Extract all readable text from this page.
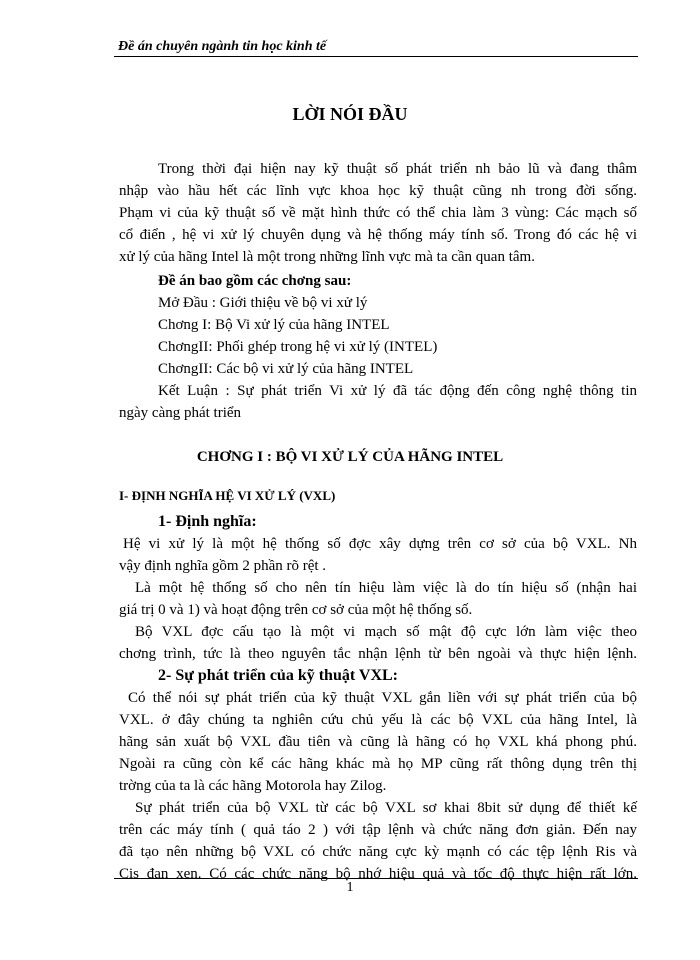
Đề án chuyên ngành tin học kinh tế
LỜI NÓI ĐẦU
Trong thời đại hiện nay kỹ thuật số phát triển nh bảo lũ và đang thâm
nhập vào hầu hết các lĩnh vực khoa học kỹ thuật cũng nh trong đời sống.
Phạm vi của kỹ thuật số về mặt hình thức có thể chia làm 3 vùng: Các mạch số
cổ điển , hệ vi xử lý chuyên dụng và hệ thống máy tính số. Trong đó các hệ vi
xử lý của hãng Intel là một trong những lĩnh vực mà ta cần quan tâm.
Đề án bao gồm các chơng sau:
Mở Đầu : Giới thiệu về bộ vi xử lý
Chơng I: Bộ Vi xử lý của hãng INTEL
ChơngII: Phối ghép trong hệ vi xử lý (INTEL)
ChơngII: Các bộ vi xử lý của hãng INTEL
Kết Luận : Sự phát triển Vi xử lý đã tác động đến công nghệ thông tin
ngày càng phát triển
CHƠNG I : BỘ VI XỬ LÝ CỦA HÃNG INTEL
I- ĐỊNH NGHĨA HỆ VI XỬ LÝ (VXL)
1- Định nghĩa:
Hệ vi xử lý là một hệ thống số đợc xây dựng trên cơ sở của bộ VXL. Nh
vậy định nghĩa gồm 2 phần rõ rệt .
Là một hệ thống số cho nên tín hiệu làm việc là do tín hiệu số (nhận hai
giá trị 0 và 1) và hoạt động trên cơ sở của một hệ thống số.
Bộ VXL đợc cấu tạo là một vi mạch số mật độ cực lớn làm việc theo
chơng trình, tức là theo nguyên tắc nhận lệnh từ bên ngoài và thực hiện lệnh.
2- Sự phát triển của kỹ thuật VXL:
Có thể nói sự phát triển của kỹ thuật VXL gắn liền với sự phát triển của bộ
VXL. ở đây chúng ta nghiên cứu chủ yếu là các bộ VXL của hãng Intel, là
hãng sản xuất bộ VXL đầu tiên và cũng là hãng có họ VXL khá phong phú.
Ngoài ra cũng còn kể các hãng khác mà họ MP cũng rất thông dụng trên thị
trờng của ta là các hãng Motorola hay Zilog.
Sự phát triển của bộ VXL từ các bộ VXL sơ khai 8bit sử dụng để thiết kế
trên các máy tính ( quả táo 2 ) với tập lệnh và chức năng đơn giản. Đến nay
đã tạo nên những bộ VXL có chức năng cực kỳ mạnh có các tệp lệnh Ris và
Cis đan xen. Có các chức năng bộ nhớ hiệu quả và tốc độ thực hiện rất lớn.
1
